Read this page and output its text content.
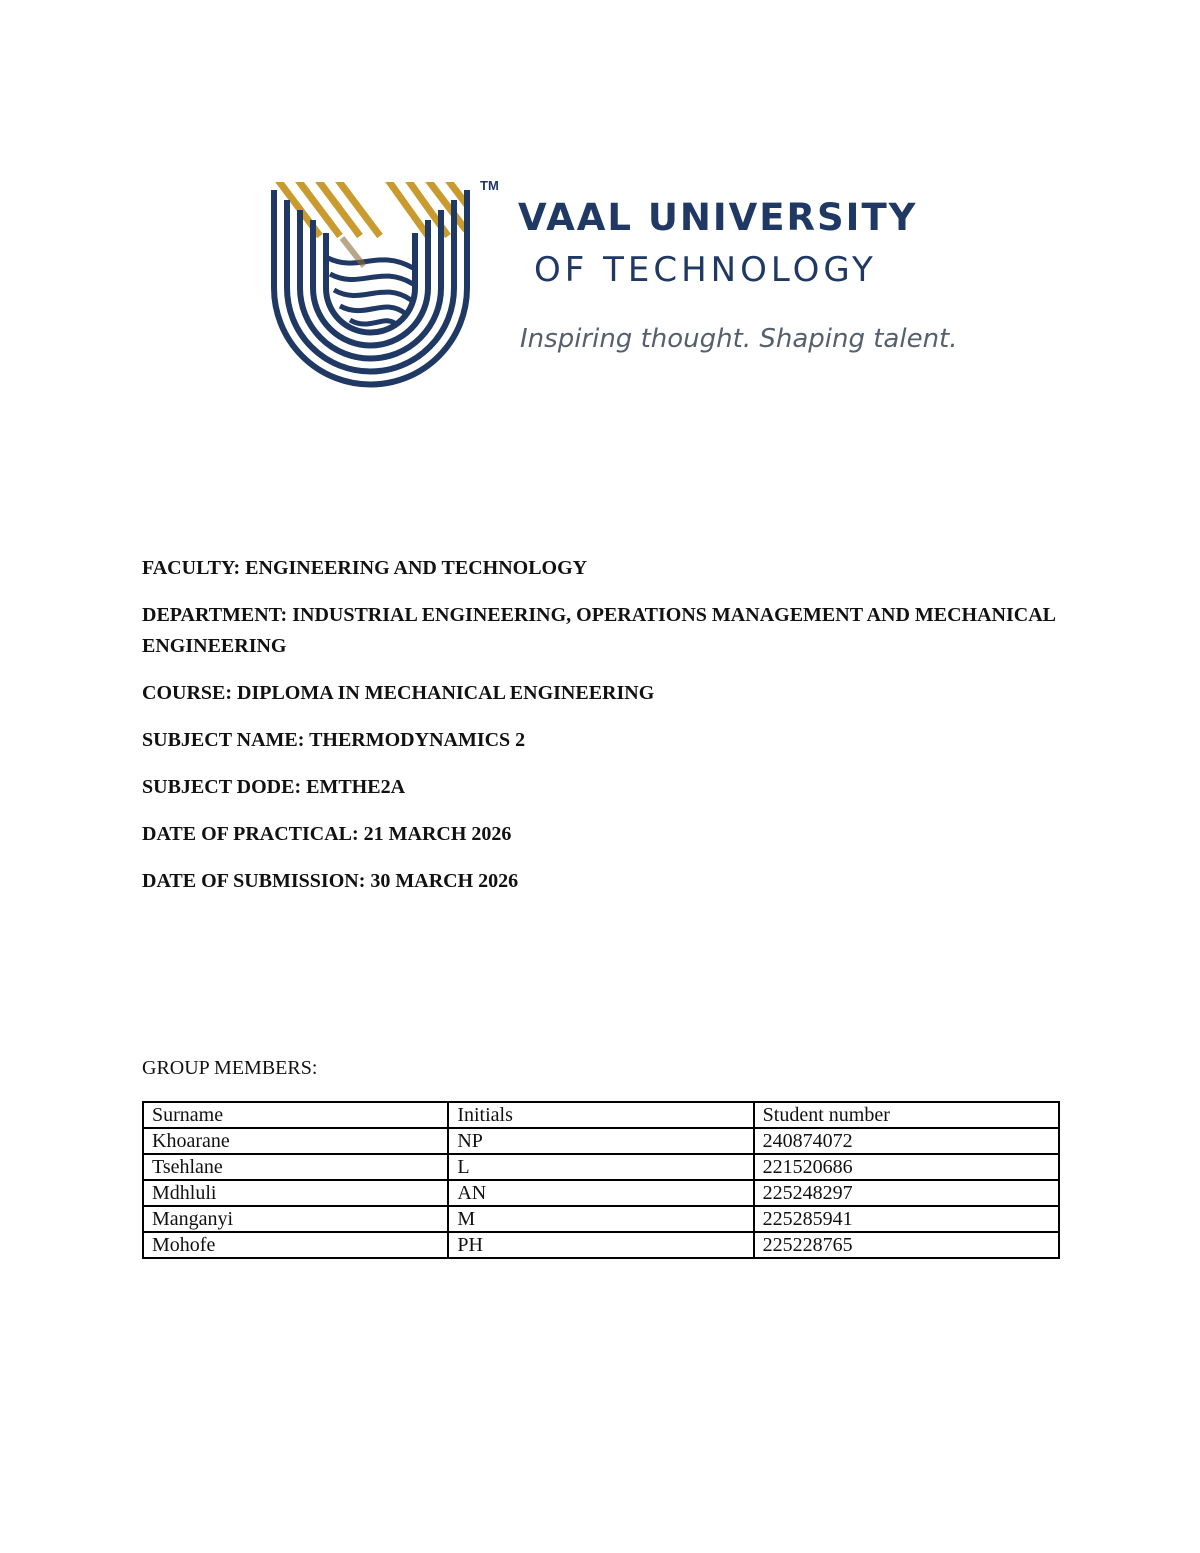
TM
VAAL UNIVERSITY
OF TECHNOLOGY
Inspiring thought. Shaping talent.

FACULTY: ENGINEERING AND TECHNOLOGY

DEPARTMENT: INDUSTRIAL ENGINEERING, OPERATIONS MANAGEMENT AND MECHANICAL ENGINEERING

COURSE: DIPLOMA IN MECHANICAL ENGINEERING

SUBJECT NAME: THERMODYNAMICS 2

SUBJECT DODE: EMTHE2A

DATE OF PRACTICAL: 21 MARCH 2026

DATE OF SUBMISSION: 30 MARCH 2026

GROUP MEMBERS:
Surname	Initials	Student number
Khoarane	NP	240874072
Tsehlane	L	221520686
Mdhluli	AN	225248297
Manganyi	M	225285941
Mohofe	PH	225228765
